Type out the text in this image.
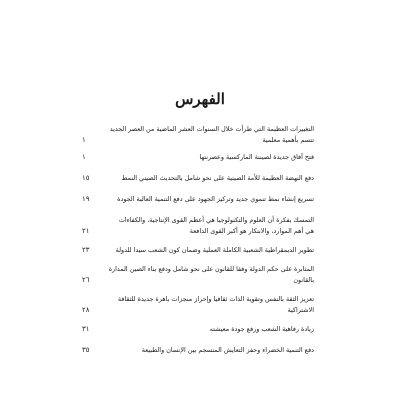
الفهرس
التغييرات العظيمة التي طرأت خلال السنوات العشر الماضية من العصر الجديد
تتسم بأهمية معلمية
١
فتح آفاق جديدة لصيننة الماركسية وعصرنتها
١
دفع النهضة العظيمة للأمة الصينية على نحو شامل بالتحديث الصيني النمط
١٥
تسريع إنشاء نمط تنموي جديد وتركيز الجهود على دفع التنمية العالية الجودة
١٩
التمسك بفكرة أن العلوم والتكنولوجيا هي أعظم القوى الإنتاجية، والكفاءات
هي أهم الموارد، والابتكار هو أكبر القوى الدافعة
٢١
تطوير الديمقراطية الشعبية الكاملة العملية وضمان كون الشعب سيدا للدولة
٢٣
المثابرة على حكم الدولة وفقا للقانون على نحو شامل ودفع بناء الصين المدارة
بالقانون
٢٦
تعزيز الثقة بالنفس وتقوية الذات ثقافيا وإحراز منجزات باهرة جديدة للثقافة
الاشتراكية
٢٨
زيادة رفاهية الشعب ورفع جودة معيشته
٣١
دفع التنمية الخضراء وحفز التعايش المنسجم بين الإنسان والطبيعة
٣٥
